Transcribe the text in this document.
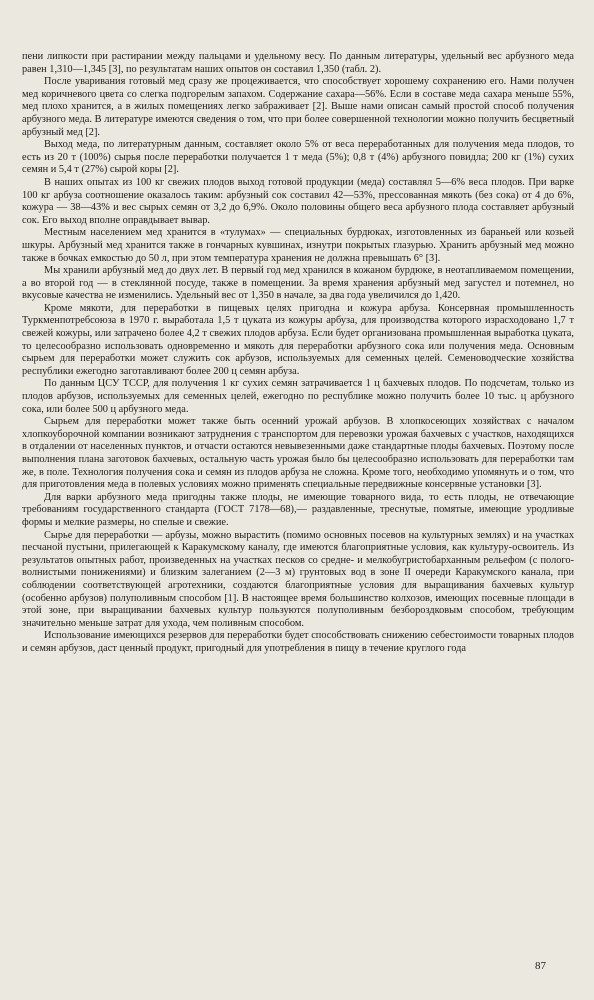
пени липкости при растирании между пальцами и удельному весу. По данным литературы, удельный вес арбузного меда равен 1,310—1,345 [3], по результатам наших опытов он составил 1,350 (табл. 2).

После уваривания готовый мед сразу же процеживается, что способствует хорошему сохранению его. Нами получен мед коричневого цвета со слегка подгорелым запахом. Содержание сахара—56%. Если в составе меда сахара меньше 55%, мед плохо хранится, а в жилых помещениях легко забраживает [2]. Выше нами описан самый простой способ получения арбузного меда. В литературе имеются сведения о том, что при более совершенной технологии можно получить бесцветный арбузный мед [2].

Выход меда, по литературным данным, составляет около 5% от веса переработанных для получения меда плодов, то есть из 20 т (100%) сырья после переработки получается 1 т меда (5%); 0,8 т (4%) арбузного повидла; 200 кг (1%) сухих семян и 5,4 т (27%) сырой коры [2].

В наших опытах из 100 кг свежих плодов выход готовой продукции (меда) составлял 5—6% веса плодов. При варке 100 кг арбуза соотношение оказалось таким: арбузный сок составил 42—53%, прессованная мякоть (без сока) от 4 до 6%, кожура — 38—43% и вес сырых семян от 3,2 до 6,9%. Около половины общего веса арбузного плода составляет арбузный сок. Его выход вполне оправдывает вывар.

Местным населением мед хранится в «тулумах» — специальных бурдюках, изготовленных из бараньей или козьей шкуры. Арбузный мед хранится также в гончарных кувшинах, изнутри покрытых глазурью. Хранить арбузный мед можно также в бочках емкостью до 50 л, при этом температура хранения не должна превышать 6° [3].

Мы хранили арбузный мед до двух лет. В первый год мед хранился в кожаном бурдюке, в неотапливаемом помещении, а во второй год — в стеклянной посуде, также в помещении. За время хранения арбузный мед загустел и потемнел, но вкусовые качества не изменились. Удельный вес от 1,350 в начале, за два года увеличился до 1,420.

Кроме мякоти, для переработки в пищевых целях пригодна и кожура арбуза. Консервная промышленность Туркменпотребсоюза в 1970 г. выработала 1,5 т цуката из кожуры арбуза, для производства которого израсходовано 1,7 т свежей кожуры, или затрачено более 4,2 т свежих плодов арбуза. Если будет организована промышленная выработка цуката, то целесообразно использовать одновременно и мякоть для переработки арбузного сока или получения меда. Основным сырьем для переработки может служить сок арбузов, используемых для семенных целей. Семеноводческие хозяйства республики ежегодно заготавливают более 200 ц семян арбуза.

По данным ЦСУ ТССР, для получения 1 кг сухих семян затрачивается 1 ц бахчевых плодов. По подсчетам, только из плодов арбузов, используемых для семенных целей, ежегодно по республике можно получить более 10 тыс. ц арбузного сока, или более 500 ц арбузного меда.

Сырьем для переработки может также быть осенний урожай арбузов. В хлопкосеющих хозяйствах с началом хлопкоуборочной компании возникают затруднения с транспортом для перевозки урожая бахчевых с участков, находящихся в отдалении от населенных пунктов, и отчасти остаются невывезенными даже стандартные плоды бахчевых. Поэтому после выполнения плана заготовок бахчевых, остальную часть урожая было бы целесообразно использовать для переработки там же, в поле. Технология получения сока и семян из плодов арбуза не сложна. Кроме того, необходимо упомянуть и о том, что для приготовления меда в полевых условиях можно применять специальные передвижные консервные установки [3].

Для варки арбузного меда пригодны также плоды, не имеющие товарного вида, то есть плоды, не отвечающие требованиям государственного стандарта (ГОСТ 7178—68),— раздавленные, треснутые, помятые, имеющие уродливые формы и мелкие размеры, но спелые и свежие.

Сырье для переработки — арбузы, можно вырастить (помимо основных посевов на культурных землях) и на участках песчаной пустыни, прилегающей к Каракумскому каналу, где имеются благоприятные условия, как культуру-освоитель. Из результатов опытных работ, произведенных на участках песков со средне- и мелкобугристобарханным рельефом (с полого-волнистыми понижениями) и близким залеганием (2—3 м) грунтовых вод в зоне II очереди Каракумского канала, при соблюдении соответствующей агротехники, создаются благоприятные условия для выращивания бахчевых культур (особенно арбузов) полуполивным способом [1]. В настоящее время большинство колхозов, имеющих посевные площади в этой зоне, при выращивании бахчевых культур пользуются полуполивным безбороздковым способом, требующим значительно меньше затрат для ухода, чем поливным способом.

Использование имеющихся резервов для переработки будет способствовать снижению себестоимости товарных плодов и семян арбузов, даст ценный продукт, пригодный для употребления в пищу в течение круглого года

87
